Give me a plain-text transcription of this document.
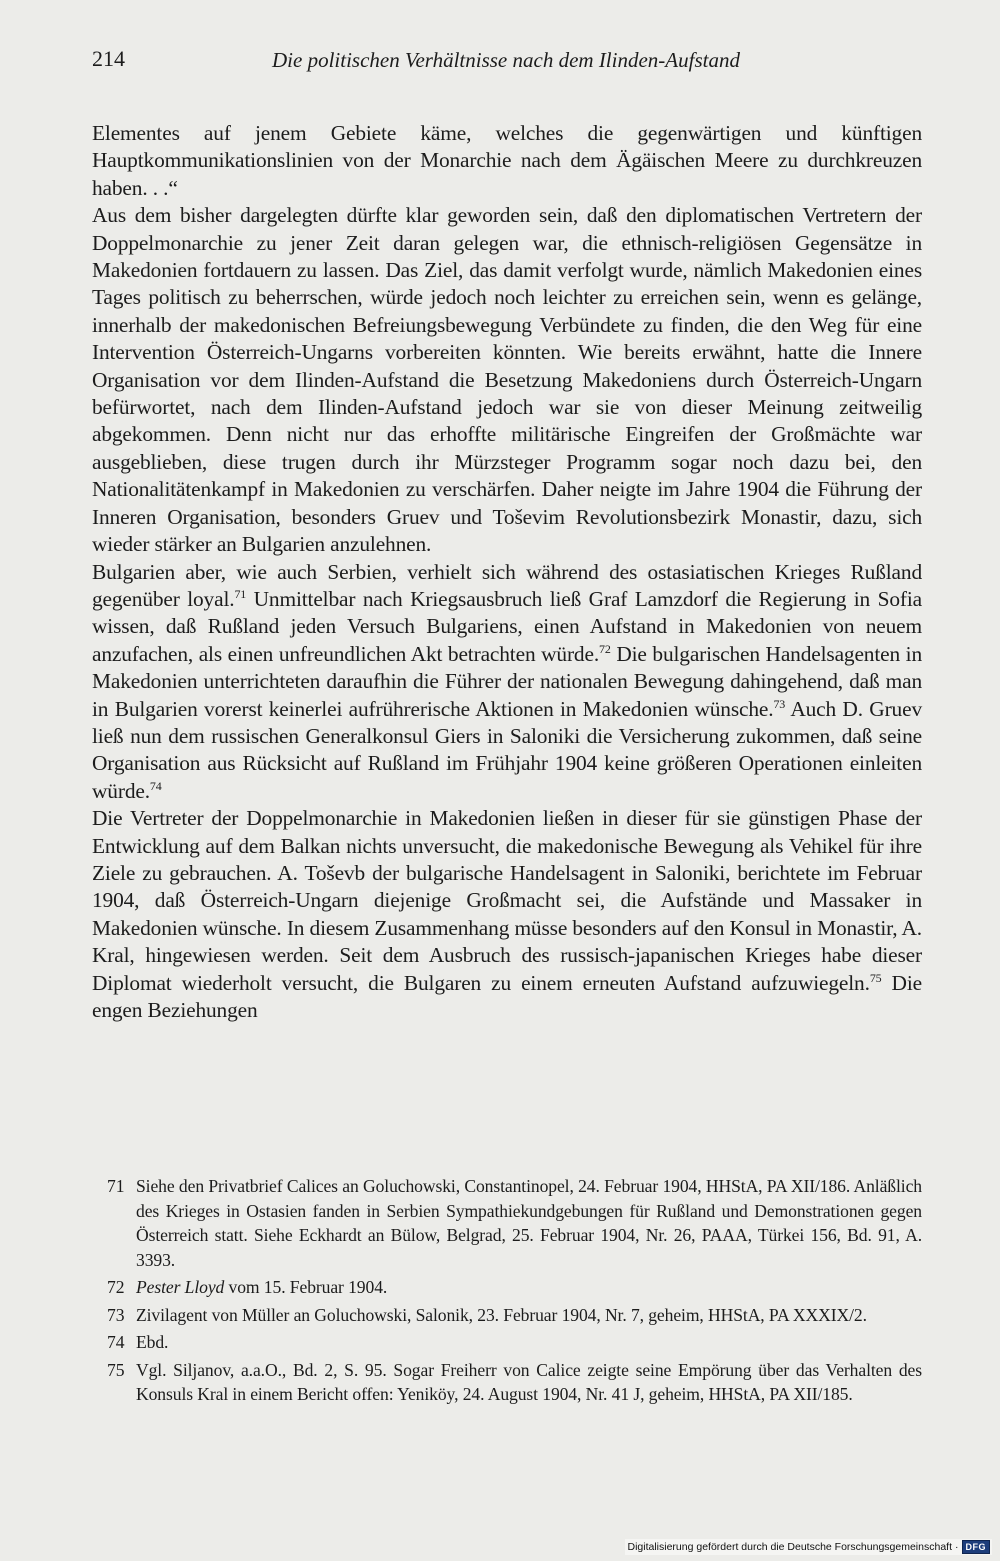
214	Die politischen Verhältnisse nach dem Ilinden-Aufstand

Elementes auf jenem Gebiete käme, welches die gegenwärtigen und künftigen Hauptkommunikationslinien von der Monarchie nach dem Ägäischen Meere zu durchkreuzen haben. . .“

Aus dem bisher dargelegten dürfte klar geworden sein, daß den diplomatischen Vertretern der Doppelmonarchie zu jener Zeit daran gelegen war, die ethnisch-religiösen Gegensätze in Makedonien fortdauern zu lassen. Das Ziel, das damit verfolgt wurde, nämlich Makedonien eines Tages politisch zu beherrschen, würde jedoch noch leichter zu erreichen sein, wenn es gelänge, innerhalb der makedonischen Befreiungsbewegung Verbündete zu finden, die den Weg für eine Intervention Österreich-Ungarns vorbereiten könnten. Wie bereits erwähnt, hatte die Innere Organisation vor dem Ilinden-Aufstand die Besetzung Makedoniens durch Österreich-Ungarn befürwortet, nach dem Ilinden-Aufstand jedoch war sie von dieser Meinung zeitweilig abgekommen. Denn nicht nur das erhoffte militärische Eingreifen der Großmächte war ausgeblieben, diese trugen durch ihr Mürzsteger Programm sogar noch dazu bei, den Nationalitätenkampf in Makedonien zu verschärfen. Daher neigte im Jahre 1904 die Führung der Inneren Organisation, besonders Gruev und Toševim Revolutionsbezirk Monastir, dazu, sich wieder stärker an Bulgarien anzulehnen.

Bulgarien aber, wie auch Serbien, verhielt sich während des ostasiatischen Krieges Rußland gegenüber loyal.$^{71}$ Unmittelbar nach Kriegsausbruch ließ Graf Lamzdorf die Regierung in Sofia wissen, daß Rußland jeden Versuch Bulgariens, einen Aufstand in Makedonien von neuem anzufachen, als einen unfreundlichen Akt betrachten würde.$^{72}$ Die bulgarischen Handelsagenten in Makedonien unterrichteten daraufhin die Führer der nationalen Bewegung dahingehend, daß man in Bulgarien vorerst keinerlei aufrührerische Aktionen in Makedonien wünsche.$^{73}$ Auch D. Gruev ließ nun dem russischen Generalkonsul Giers in Saloniki die Versicherung zukommen, daß seine Organisation aus Rücksicht auf Rußland im Frühjahr 1904 keine größeren Operationen einleiten würde.$^{74}$

Die Vertreter der Doppelmonarchie in Makedonien ließen in dieser für sie günstigen Phase der Entwicklung auf dem Balkan nichts unversucht, die makedonische Bewegung als Vehikel für ihre Ziele zu gebrauchen. A. Toševb der bulgarische Handelsagent in Saloniki, berichtete im Februar 1904, daß Österreich-Ungarn diejenige Großmacht sei, die Aufstände und Massaker in Makedonien wünsche. In diesem Zusammenhang müsse besonders auf den Konsul in Monastir, A. Kral, hingewiesen werden. Seit dem Ausbruch des russisch-japanischen Krieges habe dieser Diplomat wiederholt versucht, die Bulgaren zu einem erneuten Aufstand aufzuwiegeln.$^{75}$ Die engen Beziehungen

71 Siehe den Privatbrief Calices an Goluchowski, Constantinopel, 24. Februar 1904, HHStA, PA XII/186. Anläßlich des Krieges in Ostasien fanden in Serbien Sympathiekundgebungen für Rußland und Demonstrationen gegen Österreich statt. Siehe Eckhardt an Bülow, Belgrad, 25. Februar 1904, Nr. 26, PAAA, Türkei 156, Bd. 91, A. 3393.
72 Pester Lloyd vom 15. Februar 1904.
73 Zivilagent von Müller an Goluchowski, Salonik, 23. Februar 1904, Nr. 7, geheim, HHStA, PA XXXIX/2.
74 Ebd.
75 Vgl. Siljanov, a.a.O., Bd. 2, S. 95. Sogar Freiherr von Calice zeigte seine Empörung über das Verhalten des Konsuls Kral in einem Bericht offen: Yeniköy, 24. August 1904, Nr. 41 J, geheim, HHStA, PA XII/185.
Digitalisierung gefördert durch die Deutsche Forschungsgemeinschaft · DFG
